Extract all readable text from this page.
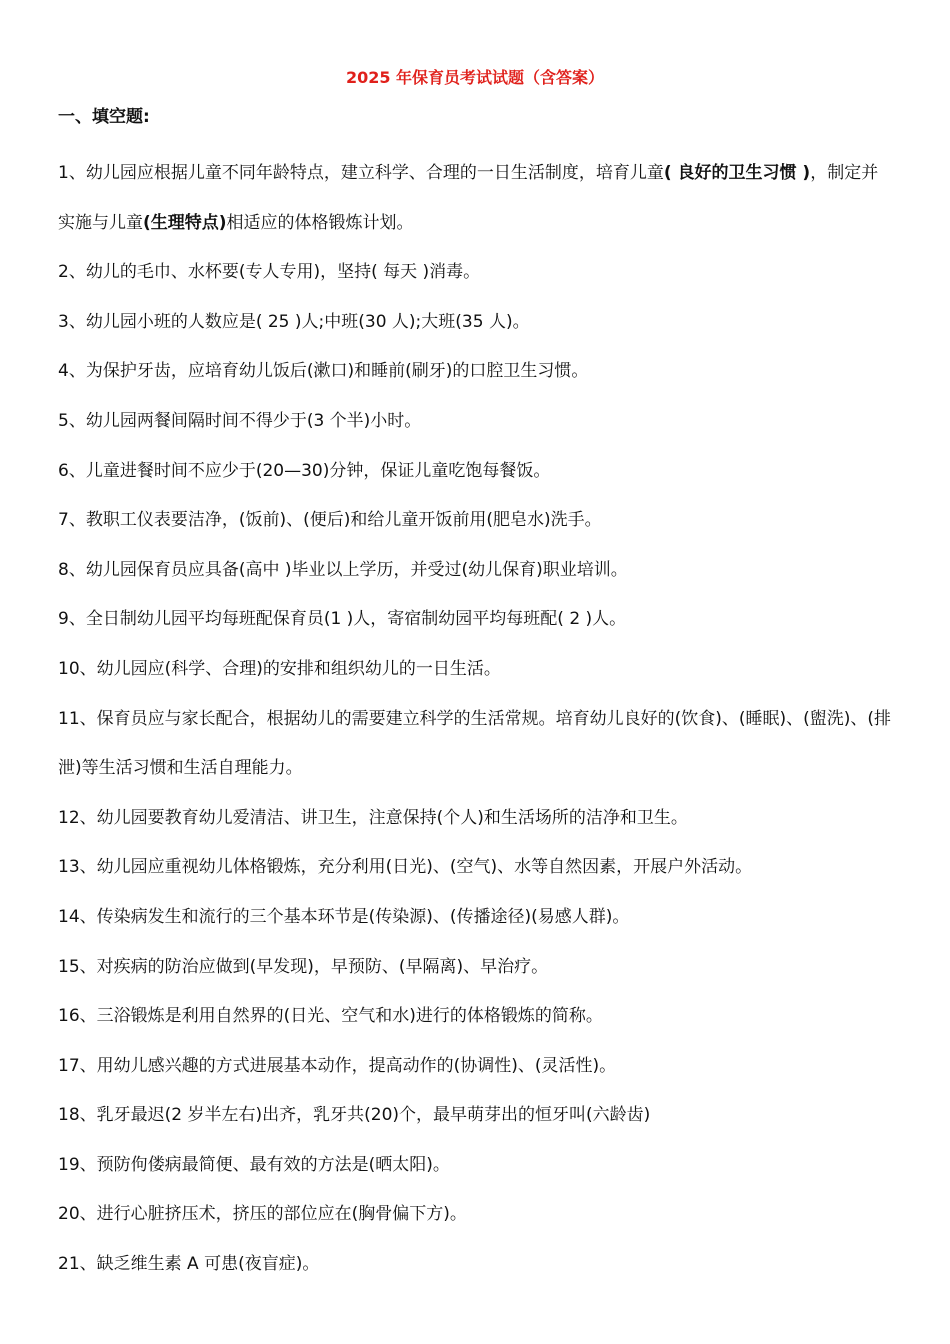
2025 年保育员考试试题（含答案）
一、填空题:
1、幼儿园应根据儿童不同年龄特点，建立科学、合理的一日生活制度，培育儿童( 良好的卫生习惯 )，制定并实施与儿童(生理特点)相适应的体格锻炼计划。
2、幼儿的毛巾、水杯要(专人专用)，坚持( 每天 )消毒。
3、幼儿园小班的人数应是( 25 )人;中班(30 人);大班(35 人)。
4、为保护牙齿，应培育幼儿饭后(漱口)和睡前(刷牙)的口腔卫生习惯。
5、幼儿园两餐间隔时间不得少于(3 个半)小时。
6、儿童进餐时间不应少于(20—30)分钟，保证儿童吃饱每餐饭。
7、教职工仪表要洁净，(饭前)、(便后)和给儿童开饭前用(肥皂水)洗手。
8、幼儿园保育员应具备(高中 )毕业以上学历，并受过(幼儿保育)职业培训。
9、全日制幼儿园平均每班配保育员(1 )人，寄宿制幼园平均每班配( 2 )人。
10、幼儿园应(科学、合理)的安排和组织幼儿的一日生活。
11、保育员应与家长配合，根据幼儿的需要建立科学的生活常规。培育幼儿良好的(饮食)、(睡眠)、(盥洗)、(排泄)等生活习惯和生活自理能力。
12、幼儿园要教育幼儿爱清洁、讲卫生，注意保持(个人)和生活场所的洁净和卫生。
13、幼儿园应重视幼儿体格锻炼，充分利用(日光)、(空气)、水等自然因素，开展户外活动。
14、传染病发生和流行的三个基本环节是(传染源)、(传播途径)(易感人群)。
15、对疾病的防治应做到(早发现)，早预防、(早隔离)、早治疗。
16、三浴锻炼是利用自然界的(日光、空气和水)进行的体格锻炼的简称。
17、用幼儿感兴趣的方式进展基本动作，提高动作的(协调性)、(灵活性)。
18、乳牙最迟(2 岁半左右)出齐，乳牙共(20)个，最早萌芽出的恒牙叫(六龄齿)
19、预防佝偻病最简便、最有效的方法是(晒太阳)。
20、进行心脏挤压术，挤压的部位应在(胸骨偏下方)。
21、缺乏维生素 A 可患(夜盲症)。
